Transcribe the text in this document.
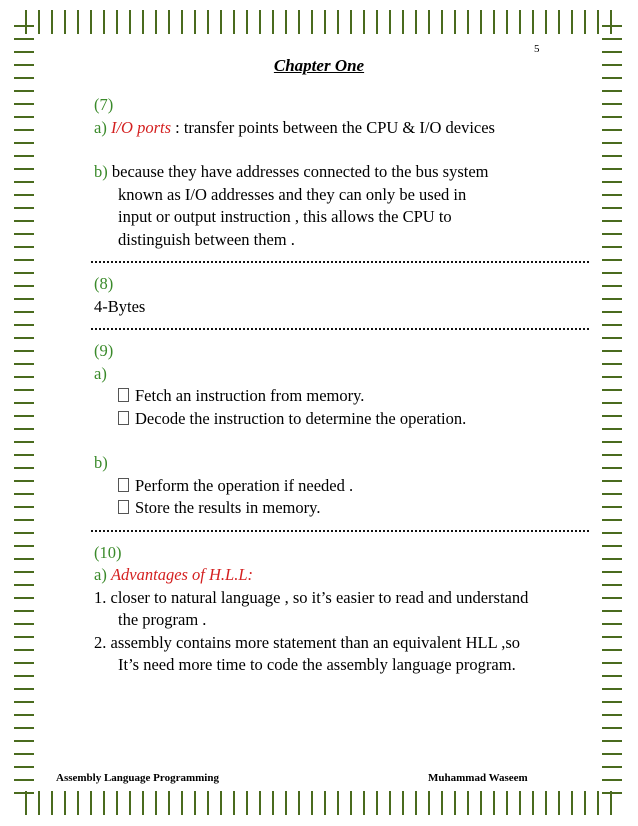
5
Chapter One
(7)
a) I/O ports : transfer points between the CPU & I/O devices
b) because they have addresses connected to the bus system
known as I/O addresses and they can only be used in
input or output instruction , this allows the CPU to
distinguish between them .
(8)
4-Bytes
(9)
a)
Fetch an instruction from memory.
Decode the instruction to determine the operation.
b)
Perform the operation if needed .
Store the results in memory.
(10)
a) Advantages of H.L.L:
1. closer to natural language , so it’s easier to read and understand
the program .
2. assembly contains more statement than an equivalent HLL ,so
It’s need more time to code the assembly language program.
Assembly Language Programming	Muhammad Waseem
